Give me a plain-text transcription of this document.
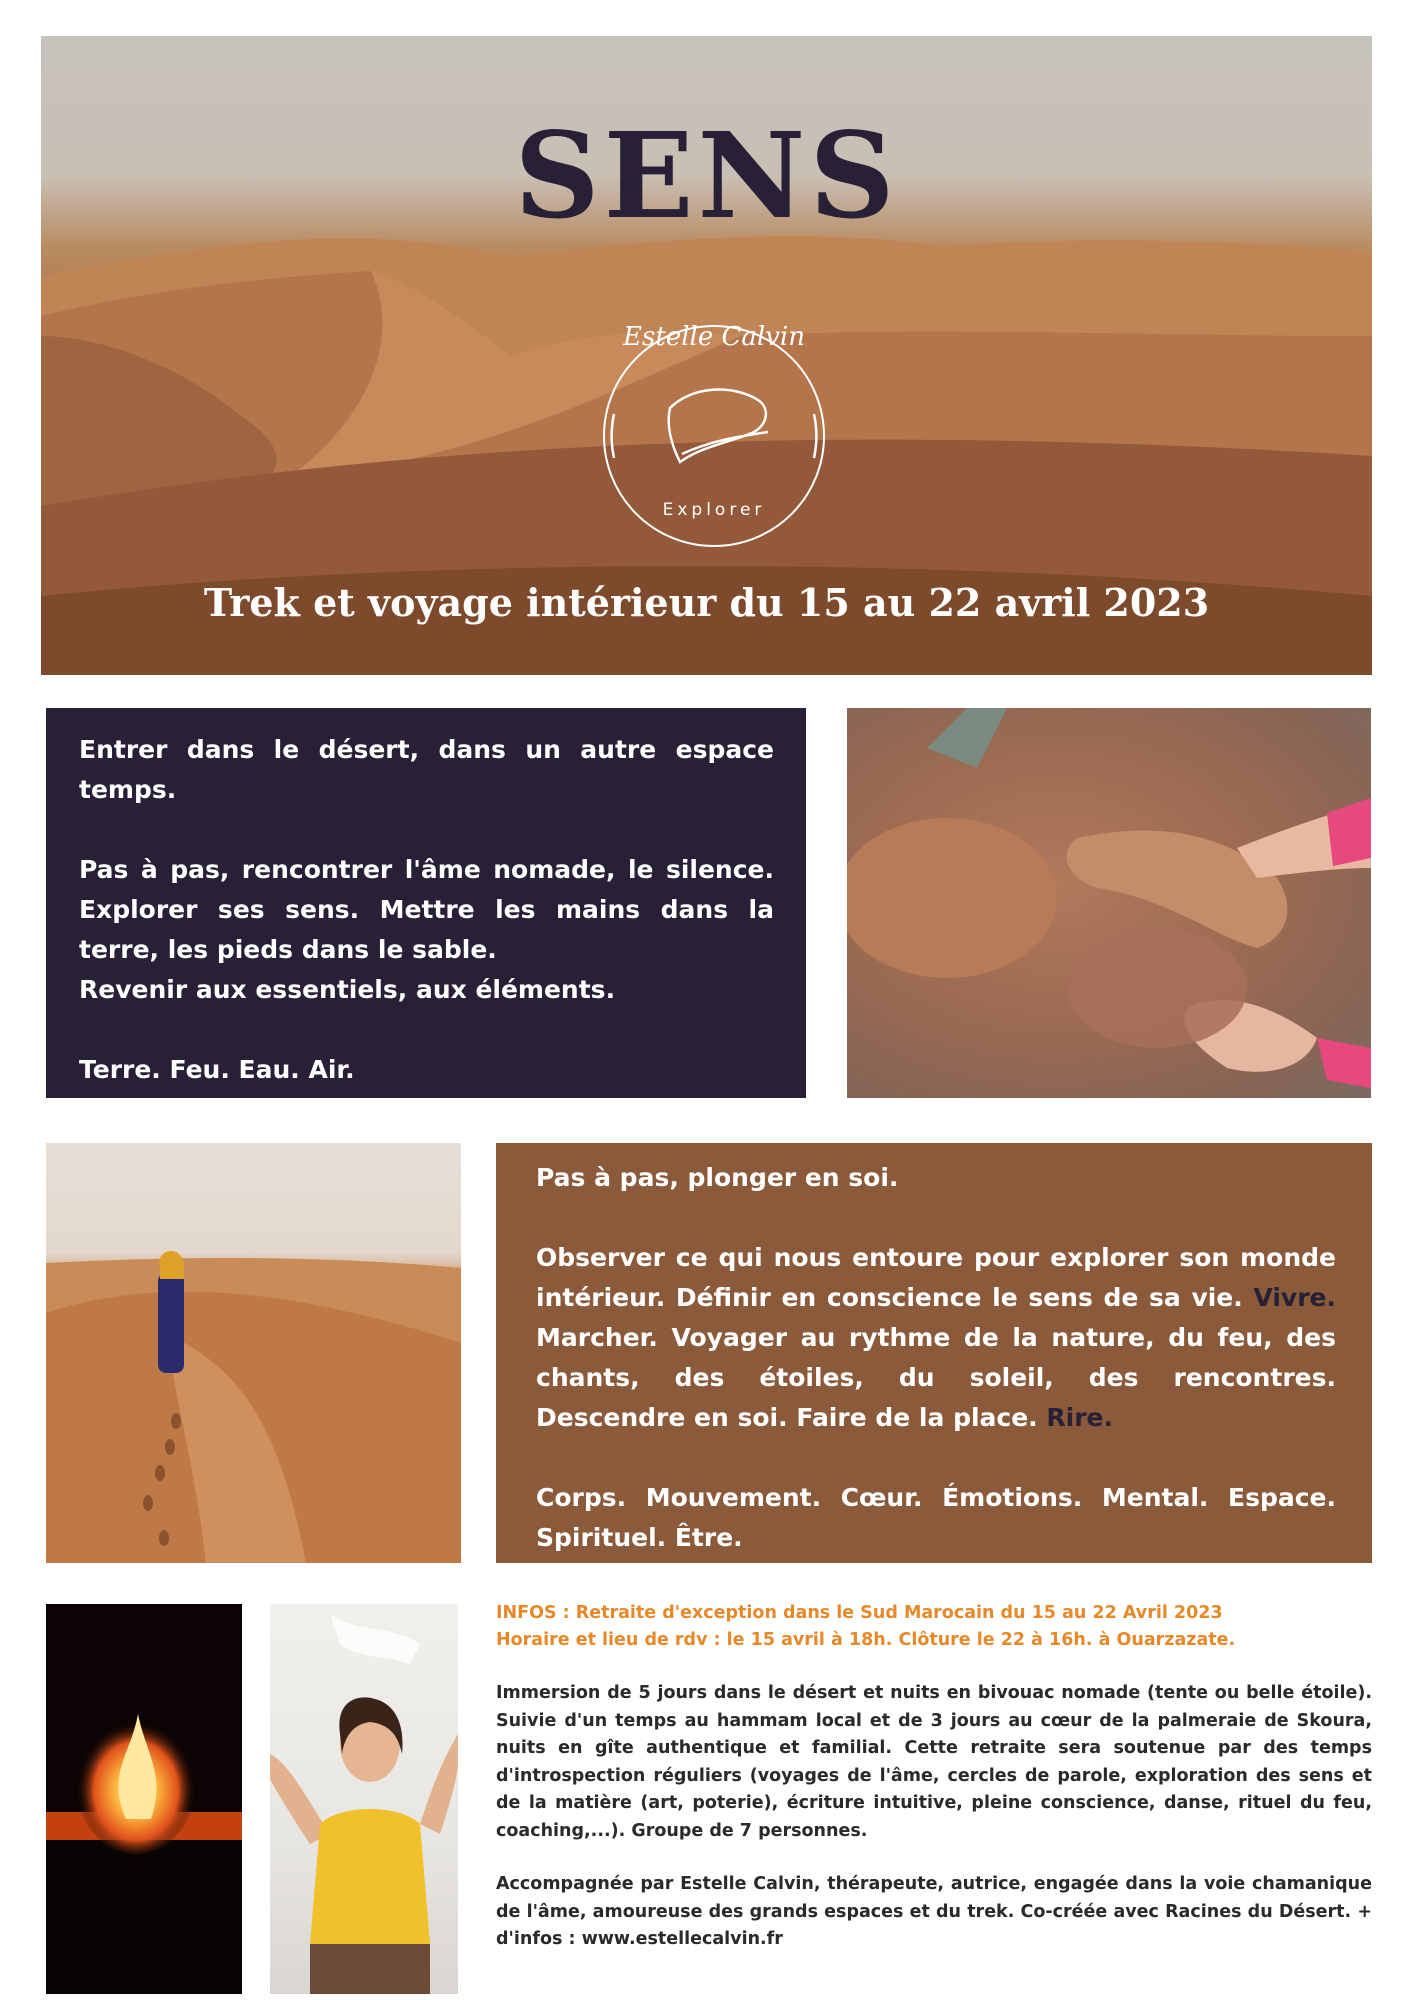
SENS
Estelle Calvin
Explorer
Trek et voyage intérieur du 15 au 22 avril 2023

Entrer dans le désert, dans un autre espace temps.

Pas à pas, rencontrer l'âme nomade, le silence. Explorer ses sens. Mettre les mains dans la terre, les pieds dans le sable.

Revenir aux essentiels, aux éléments.

Terre. Feu. Eau. Air.

Pas à pas, plonger en soi.

Observer ce qui nous entoure pour explorer son monde intérieur. Définir en conscience le sens de sa vie. Vivre. Marcher. Voyager au rythme de la nature, du feu, des chants, des étoiles, du soleil, des rencontres. Descendre en soi. Faire de la place. Rire.

Corps. Mouvement. Cœur. Émotions. Mental. Espace. Spirituel. Être.

INFOS : Retraite d'exception dans le Sud Marocain du 15 au 22 Avril 2023

Horaire et lieu de rdv : le 15 avril à 18h. Clôture le 22 à 16h. à Ouarzazate.

Immersion de 5 jours dans le désert et nuits en bivouac nomade (tente ou belle étoile). Suivie d'un temps au hammam local et de 3 jours au cœur de la palmeraie de Skoura, nuits en gîte authentique et familial. Cette retraite sera soutenue par des temps d'introspection réguliers (voyages de l'âme, cercles de parole, exploration des sens et de la matière (art, poterie), écriture intuitive, pleine conscience, danse, rituel du feu, coaching,...). Groupe de 7 personnes.

Accompagnée par Estelle Calvin, thérapeute, autrice, engagée dans la voie chamanique de l'âme, amoureuse des grands espaces et du trek. Co-créée avec Racines du Désert. + d'infos : www.estellecalvin.fr
